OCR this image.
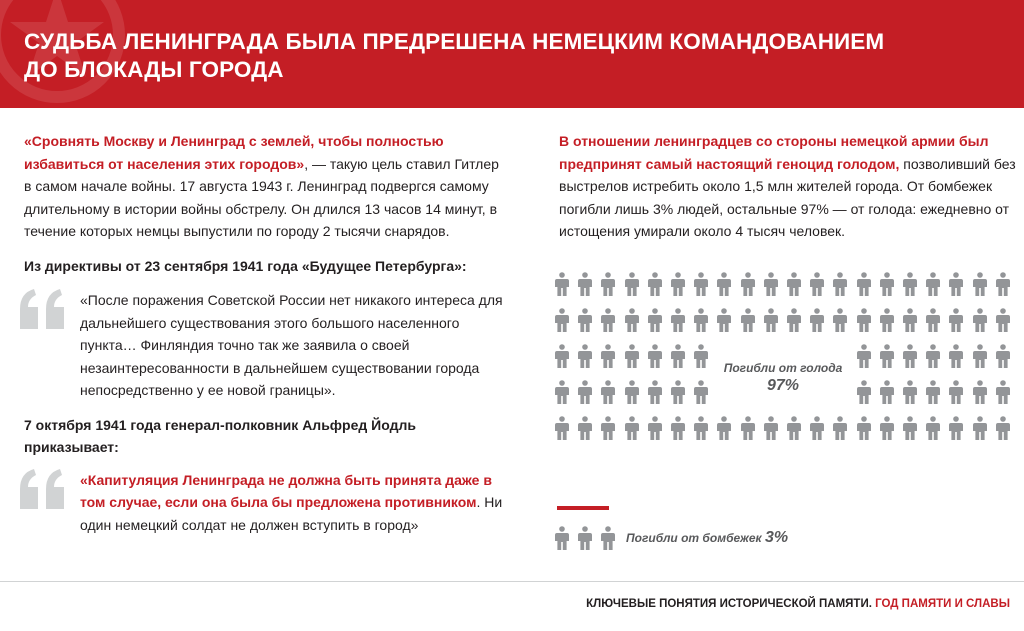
СУДЬБА ЛЕНИНГРАДА БЫЛА ПРЕДРЕШЕНА НЕМЕЦКИМ КОМАНДОВАНИЕМ
ДО БЛОКАДЫ ГОРОДА

«Сровнять Москву и Ленинград с землей, чтобы полностью избавиться от населения этих городов», — такую цель ставил Гитлер в самом начале войны. 17 августа 1943 г. Ленинград подвергся самому длительному в истории войны обстрелу. Он длился 13 часов 14 минут, в течение которых немцы выпустили по городу 2 тысячи снарядов.

Из директивы от 23 сентября 1941 года «Будущее Петербурга»:

«После поражения Советской России нет никакого интереса для дальнейшего существования этого большого населенного пункта… Финляндия точно так же заявила о своей незаинтересованности в дальнейшем существовании города непосредственно у ее новой границы».

7 октября 1941 года генерал-полковник Альфред Йодль приказывает:

«Капитуляция Ленинграда не должна быть принята даже в том случае, если она была бы предложена противником. Ни один немецкий солдат не должен вступить в город»

В отношении ленинградцев со стороны немецкой армии был предпринят самый настоящий геноцид голодом, позволивший без выстрелов истребить около 1,5 млн жителей города. От бомбежек погибли лишь 3% людей, остальные 97% — от голода: ежедневно от истощения умирали около 4 тысяч человек.

Погибли от голода
97%
Погибли от бомбежек 3%
КЛЮЧЕВЫЕ ПОНЯТИЯ ИСТОРИЧЕСКОЙ ПАМЯТИ. ГОД ПАМЯТИ И СЛАВЫ
